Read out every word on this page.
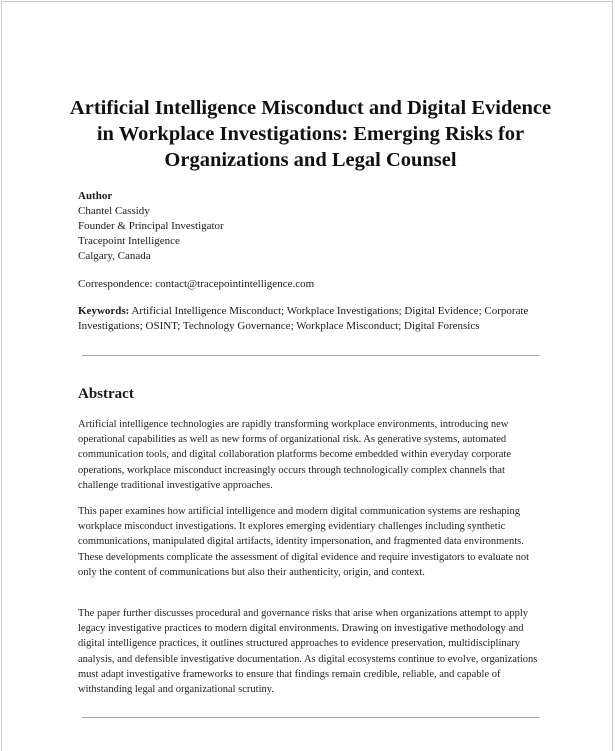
Artificial Intelligence Misconduct and Digital Evidence in Workplace Investigations: Emerging Risks for Organizations and Legal Counsel
Author
Chantel Cassidy
Founder & Principal Investigator
Tracepoint Intelligence
Calgary, Canada
Correspondence: contact@tracepointintelligence.com
Keywords: Artificial Intelligence Misconduct; Workplace Investigations; Digital Evidence; Corporate Investigations; OSINT; Technology Governance; Workplace Misconduct; Digital Forensics
Abstract

Artificial intelligence technologies are rapidly transforming workplace environments, introducing new operational capabilities as well as new forms of organizational risk. As generative systems, automated communication tools, and digital collaboration platforms become embedded within everyday corporate operations, workplace misconduct increasingly occurs through technologically complex channels that challenge traditional investigative approaches.

This paper examines how artificial intelligence and modern digital communication systems are reshaping workplace misconduct investigations. It explores emerging evidentiary challenges including synthetic communications, manipulated digital artifacts, identity impersonation, and fragmented data environments. These developments complicate the assessment of digital evidence and require investigators to evaluate not only the content of communications but also their authenticity, origin, and context.

The paper further discusses procedural and governance risks that arise when organizations attempt to apply legacy investigative practices to modern digital environments. Drawing on investigative methodology and digital intelligence practices, it outlines structured approaches to evidence preservation, multidisciplinary analysis, and defensible investigative documentation. As digital ecosystems continue to evolve, organizations must adapt investigative frameworks to ensure that findings remain credible, reliable, and capable of withstanding legal and organizational scrutiny.
